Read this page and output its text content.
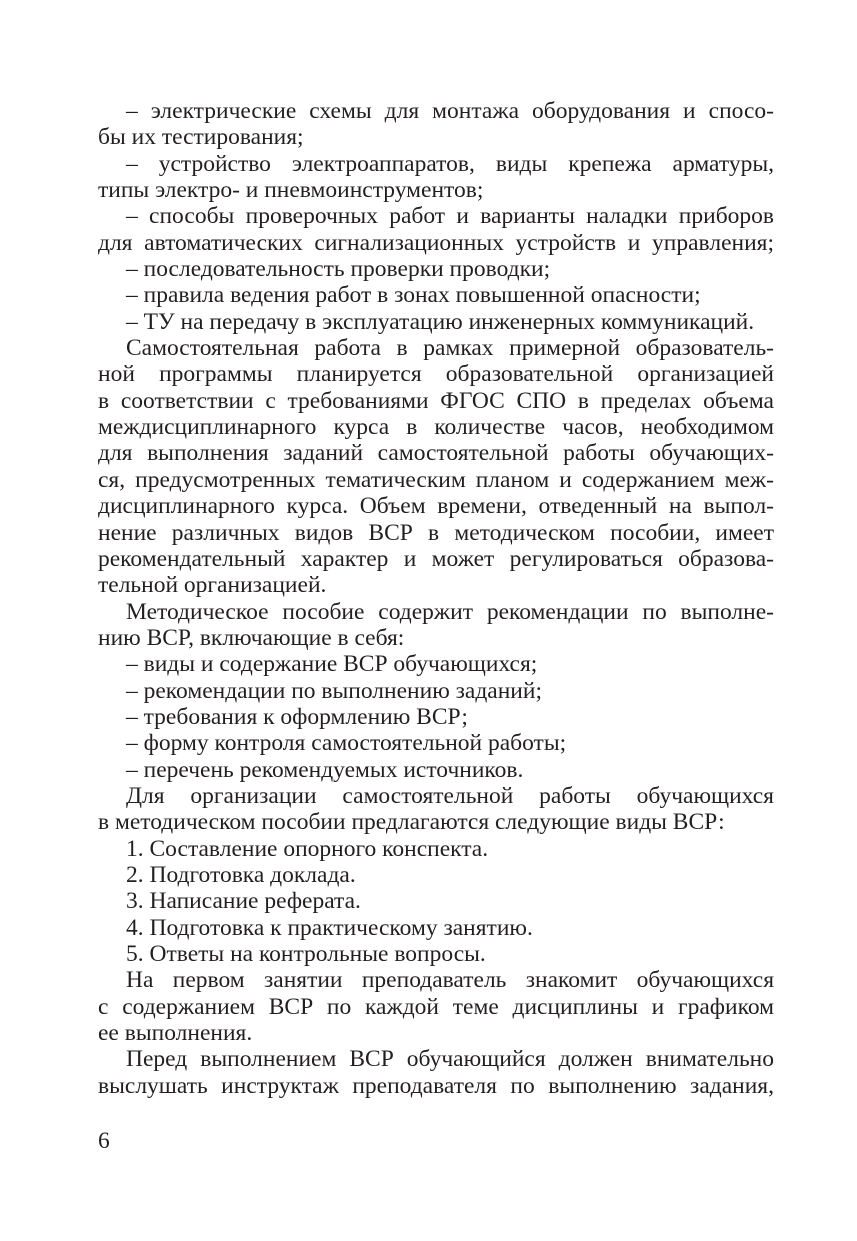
– электрические схемы для монтажа оборудования и спосо-
бы их тестирования;
– устройство электроаппаратов, виды крепежа арматуры,
типы электро- и пневмоинструментов;
– способы проверочных работ и варианты наладки приборов
для автоматических сигнализационных устройств и управления;
– последовательность проверки проводки;
– правила ведения работ в зонах повышенной опасности;
– ТУ на передачу в эксплуатацию инженерных коммуникаций.
Самостоятельная работа в рамках примерной образователь-
ной программы планируется образовательной организацией
в соответствии с требованиями ФГОС СПО в пределах объема
междисциплинарного курса в количестве часов, необходимом
для выполнения заданий самостоятельной работы обучающих-
ся, предусмотренных тематическим планом и содержанием меж-
дисциплинарного курса. Объем времени, отведенный на выпол-
нение различных видов ВСР в методическом пособии, имеет
рекомендательный характер и может регулироваться образова-
тельной организацией.
Методическое пособие содержит рекомендации по выполне-
нию ВСР, включающие в себя:
– виды и содержание ВСР обучающихся;
– рекомендации по выполнению заданий;
– требования к оформлению ВСР;
– форму контроля самостоятельной работы;
– перечень рекомендуемых источников.
Для организации самостоятельной работы обучающихся
в методическом пособии предлагаются следующие виды ВСР:
1. Составление опорного конспекта.
2. Подготовка доклада.
3. Написание реферата.
4. Подготовка к практическому занятию.
5. Ответы на контрольные вопросы.
На первом занятии преподаватель знакомит обучающихся
с содержанием ВСР по каждой теме дисциплины и графиком
ее выполнения.
Перед выполнением ВСР обучающийся должен внимательно
выслушать инструктаж преподавателя по выполнению задания,
6
